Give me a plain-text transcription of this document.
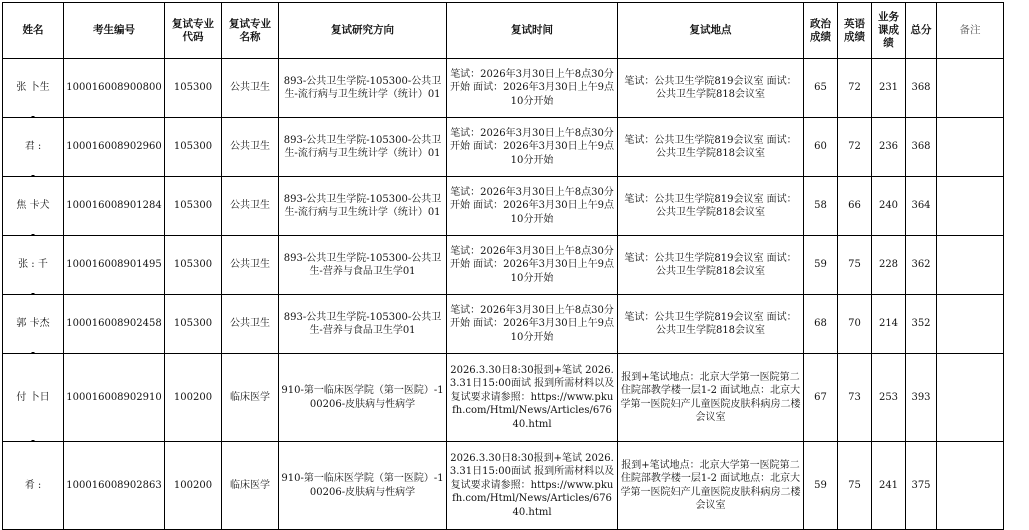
姓名	考生编号	复试专业代码	复试专业名称	复试研究方向	复试时间	复试地点	政治成绩	英语成绩	业务课成绩	总分	备注
张 卜生	100016008900800	105300	公共卫生	893-公共卫生学院-105300-公共卫生-流行病与卫生统计学（统计）01	笔试：2026年3月30日上午8点30分开始 面试：2026年3月30日上午9点10分开始	笔试：公共卫生学院819会议室 面试：公共卫生学院818会议室	65	72	231	368	
君 :	100016008902960	105300	公共卫生	893-公共卫生学院-105300-公共卫生-流行病与卫生统计学（统计）01	笔试：2026年3月30日上午8点30分开始 面试：2026年3月30日上午9点10分开始	笔试：公共卫生学院819会议室 面试：公共卫生学院818会议室	60	72	236	368	
焦 卡犬	100016008901284	105300	公共卫生	893-公共卫生学院-105300-公共卫生-流行病与卫生统计学（统计）01	笔试：2026年3月30日上午8点30分开始 面试：2026年3月30日上午9点10分开始	笔试：公共卫生学院819会议室 面试：公共卫生学院818会议室	58	66	240	364	
张 : 千	100016008901495	105300	公共卫生	893-公共卫生学院-105300-公共卫生-营养与食品卫生学01	笔试：2026年3月30日上午8点30分开始 面试：2026年3月30日上午9点10分开始	笔试：公共卫生学院819会议室 面试：公共卫生学院818会议室	59	75	228	362	
郭 卡杰	100016008902458	105300	公共卫生	893-公共卫生学院-105300-公共卫生-营养与食品卫生学01	笔试：2026年3月30日上午8点30分开始 面试：2026年3月30日上午9点10分开始	笔试：公共卫生学院819会议室 面试：公共卫生学院818会议室	68	70	214	352	
付 卜日	100016008902910	100200	临床医学	910-第一临床医学院（第一医院）-100206-皮肤病与性病学	2026.3.30日8:30报到+笔试 2026.3.31日15:00面试 报到所需材料以及复试要求请参照：https://www.pkufh.com/Html/News/Articles/67640.html	报到+笔试地点：北京大学第一医院第二住院部教学楼一层1-2 面试地点：北京大学第一医院妇产儿童医院皮肤科病房二楼会议室	67	73	253	393	
肴 :	100016008902863	100200	临床医学	910-第一临床医学院（第一医院）-100206-皮肤病与性病学	2026.3.30日8:30报到+笔试 2026.3.31日15:00面试 报到所需材料以及复试要求请参照：https://www.pkufh.com/Html/News/Articles/67640.html	报到+笔试地点：北京大学第一医院第二住院部教学楼一层1-2 面试地点：北京大学第一医院妇产儿童医院皮肤科病房二楼会议室	59	75	241	375	
